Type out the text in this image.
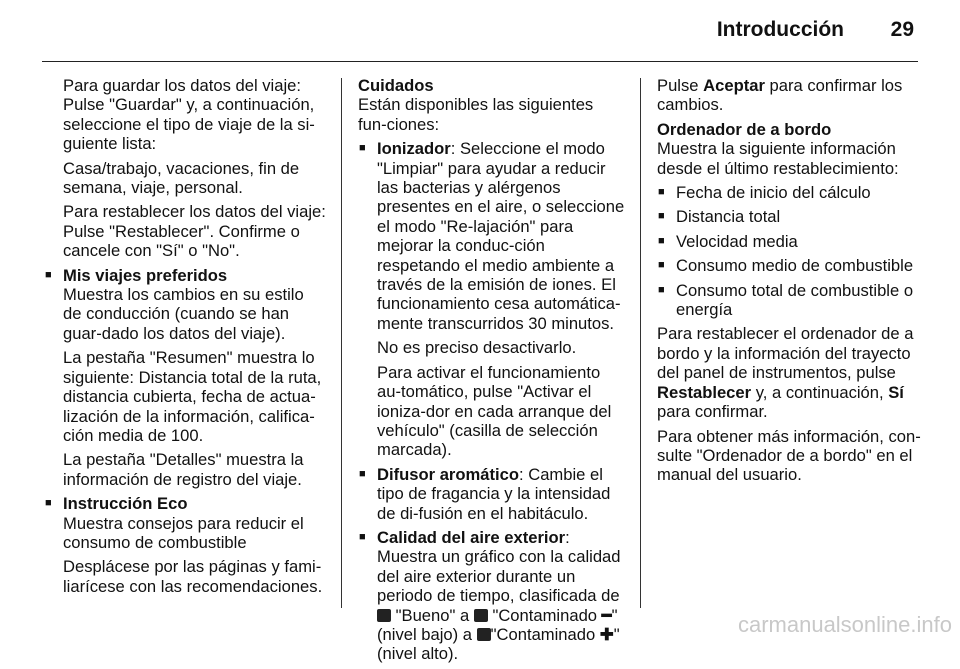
Introducción 29

Para guardar los datos del viaje: Pulse "Guardar" y, a continuación, seleccione el tipo de viaje de la si-guiente lista:

Casa/trabajo, vacaciones, fin de semana, viaje, personal.

Para restablecer los datos del viaje: Pulse "Restablecer". Confirme o cancele con "Sí" o "No".

■ Mis viajes preferidos

Muestra los cambios en su estilo de conducción (cuando se han guar-dado los datos del viaje).

La pestaña "Resumen" muestra lo siguiente: Distancia total de la ruta, distancia cubierta, fecha de actua-lización de la información, califica-ción media de 100.

La pestaña "Detalles" muestra la información de registro del viaje.

■ Instrucción Eco

Muestra consejos para reducir el consumo de combustible

Desplácese por las páginas y fami-liarícese con las recomendaciones.

Cuidados

Están disponibles las siguientes fun-ciones:

■ Ionizador: Seleccione el modo "Limpiar" para ayudar a reducir las bacterias y alérgenos presentes en el aire, o seleccione el modo "Re-lajación" para mejorar la conduc-ción respetando el medio ambiente a través de la emisión de iones. El funcionamiento cesa automática-mente transcurridos 30 minutos.

No es preciso desactivarlo.

Para activar el funcionamiento au-tomático, pulse "Activar el ioniza-dor en cada arranque del vehículo" (casilla de selección marcada).

■ Difusor aromático: Cambie el tipo de fragancia y la intensidad de di-fusión en el habitáculo.

■ Calidad del aire exterior: Muestra un gráfico con la calidad del aire exterior durante un periodo de tiempo, clasificada de  "Bueno" a  "Contaminado ━" (nivel bajo) a "Contaminado ✚" (nivel alto).

Pulse Aceptar para confirmar los cambios.

Ordenador de a bordo

Muestra la siguiente información desde el último restablecimiento:

■ Fecha de inicio del cálculo
■ Distancia total
■ Velocidad media
■ Consumo medio de combustible
■ Consumo total de combustible o energía

Para restablecer el ordenador de a bordo y la información del trayecto del panel de instrumentos, pulse Restablecer y, a continuación, Sí para confirmar.

Para obtener más información, con-sulte "Ordenador de a bordo" en el manual del usuario.

carmanualsonline.info
